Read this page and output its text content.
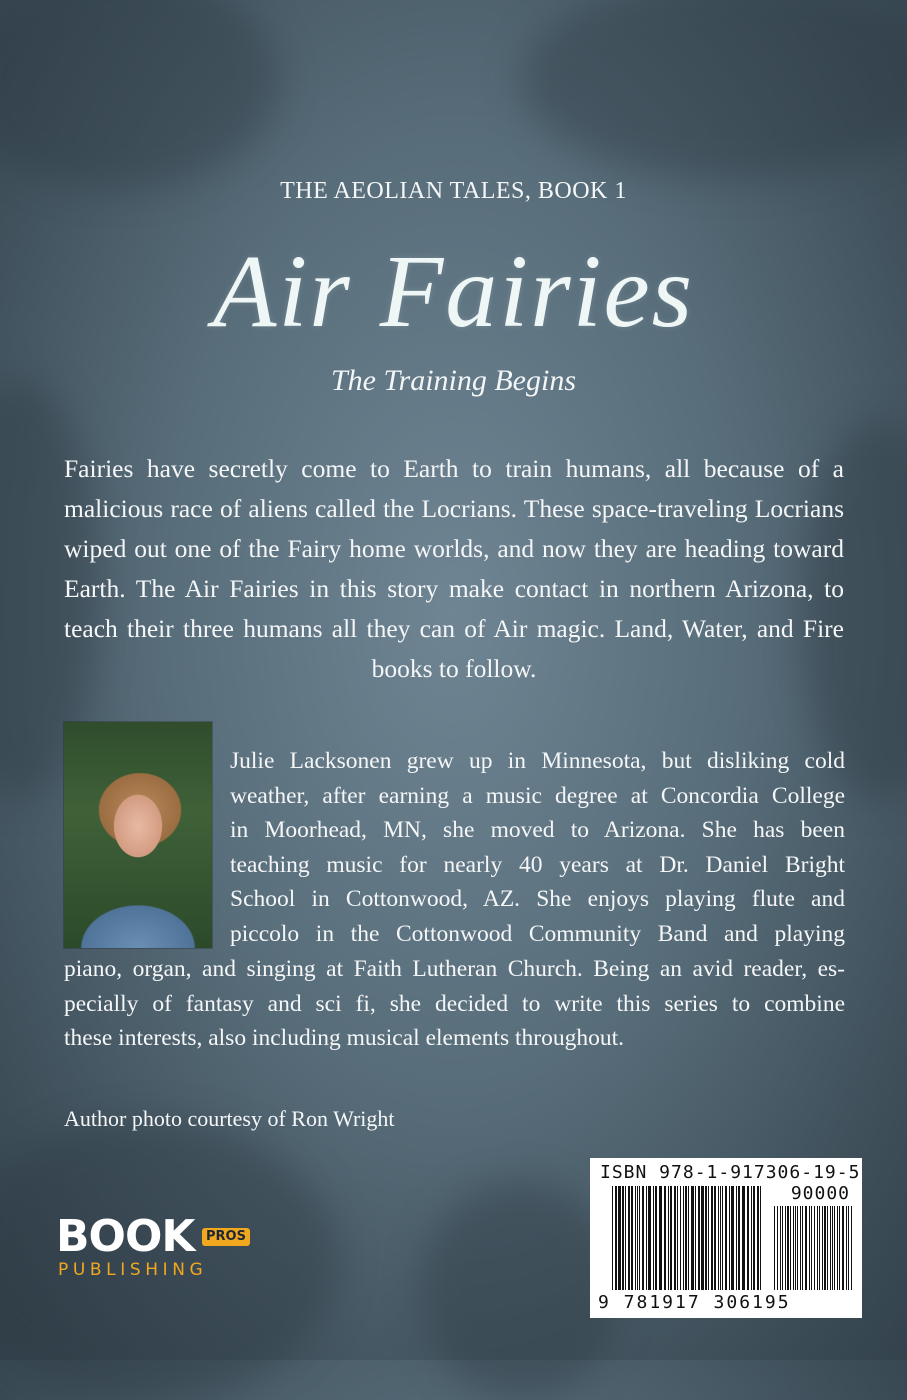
THE AEOLIAN TALES, BOOK 1
Air Fairies
The Training Begins
Fairies have secretly come to Earth to train humans, all because of a malicious race of aliens called the Locrians. These space-traveling Locrians wiped out one of the Fairy home worlds, and now they are heading toward Earth. The Air Fairies in this story make contact in northern Arizona, to teach their three humans all they can of Air magic. Land, Water, and Fire books to follow.
Julie Lacksonen grew up in Minnesota, but disliking cold
weather, after earning a music degree at Concordia College
in Moorhead, MN, she moved to Arizona. She has been
teaching music for nearly 40 years at Dr. Daniel Bright
School in Cottonwood, AZ. She enjoys playing flute and
piccolo in the Cottonwood Community Band and playing
piano, organ, and singing at Faith Lutheran Church. Being an avid reader, es-
pecially of fantasy and sci fi, she decided to write this series to combine
these interests, also including musical elements throughout.
Author photo courtesy of Ron Wright
BOOK PROS
PUBLISHING
ISBN 978-1-917306-19-5
90000
9 781917 306195
